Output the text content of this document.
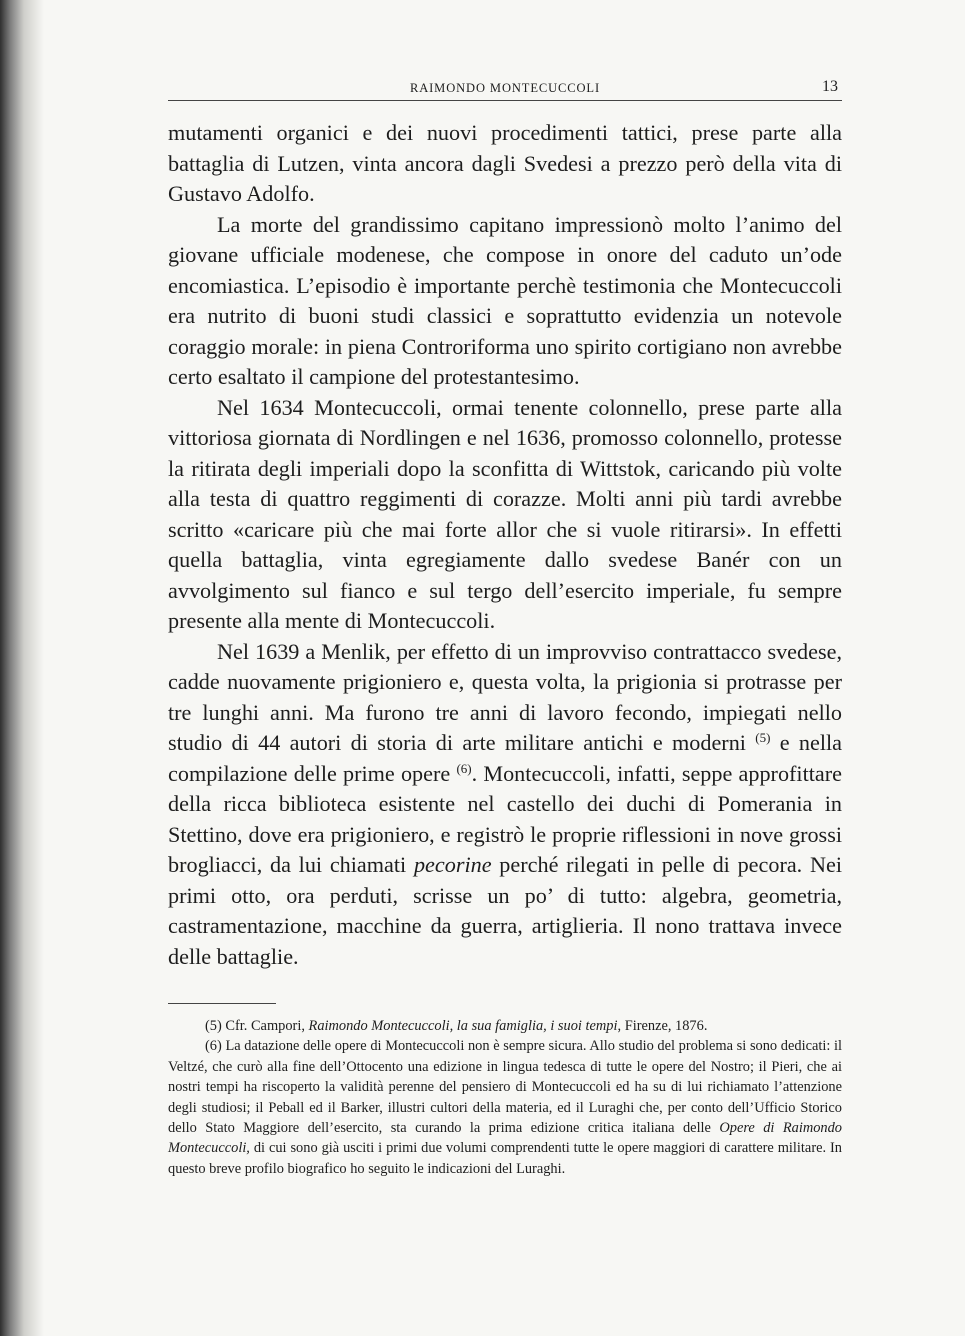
RAIMONDO MONTECUCCOLI	13

mutamenti organici e dei nuovi procedimenti tattici, prese parte alla battaglia di Lutzen, vinta ancora dagli Svedesi a prezzo però della vita di Gustavo Adolfo.

La morte del grandissimo capitano impressionò molto l’animo del giovane ufficiale modenese, che compose in onore del caduto un’ode encomiastica. L’episodio è importante perchè testimonia che Montecuccoli era nutrito di buoni studi classici e soprattutto evidenzia un notevole coraggio morale: in piena Controriforma uno spirito cortigiano non avrebbe certo esaltato il campione del protestantesimo.

Nel 1634 Montecuccoli, ormai tenente colonnello, prese parte alla vittoriosa giornata di Nordlingen e nel 1636, promosso colonnello, protesse la ritirata degli imperiali dopo la sconfitta di Wittstok, caricando più volte alla testa di quattro reggimenti di corazze. Molti anni più tardi avrebbe scritto «caricare più che mai forte allor che si vuole ritirarsi». In effetti quella battaglia, vinta egregiamente dallo svedese Banér con un avvolgimento sul fianco e sul tergo dell’esercito imperiale, fu sempre presente alla mente di Montecuccoli.

Nel 1639 a Menlik, per effetto di un improvviso contrattacco svedese, cadde nuovamente prigioniero e, questa volta, la prigionia si protrasse per tre lunghi anni. Ma furono tre anni di lavoro fecondo, impiegati nello studio di 44 autori di storia di arte militare antichi e moderni $^{(5)}$ e nella compilazione delle prime opere $^{(6)}$. Montecuccoli, infatti, seppe approfittare della ricca biblioteca esistente nel castello dei duchi di Pomerania in Stettino, dove era prigioniero, e registrò le proprie riflessioni in nove grossi brogliacci, da lui chiamati pecorine perché rilegati in pelle di pecora. Nei primi otto, ora perduti, scrisse un po’ di tutto: algebra, geometria, castramentazione, macchine da guerra, artiglieria. Il nono trattava invece delle battaglie.

(5) Cfr. Campori, Raimondo Montecuccoli, la sua famiglia, i suoi tempi, Firenze, 1876.

(6) La datazione delle opere di Montecuccoli non è sempre sicura. Allo studio del problema si sono dedicati: il Veltzé, che curò alla fine dell’Ottocento una edizione in lingua tedesca di tutte le opere del Nostro; il Pieri, che ai nostri tempi ha riscoperto la validità perenne del pensiero di Montecuccoli ed ha su di lui richiamato l’attenzione degli studiosi; il Peball ed il Barker, illustri cultori della materia, ed il Luraghi che, per conto dell’Ufficio Storico dello Stato Maggiore dell’esercito, sta curando la prima edizione critica italiana delle Opere di Raimondo Montecuccoli, di cui sono già usciti i primi due volumi comprendenti tutte le opere maggiori di carattere militare. In questo breve profilo biografico ho seguito le indicazioni del Luraghi.
